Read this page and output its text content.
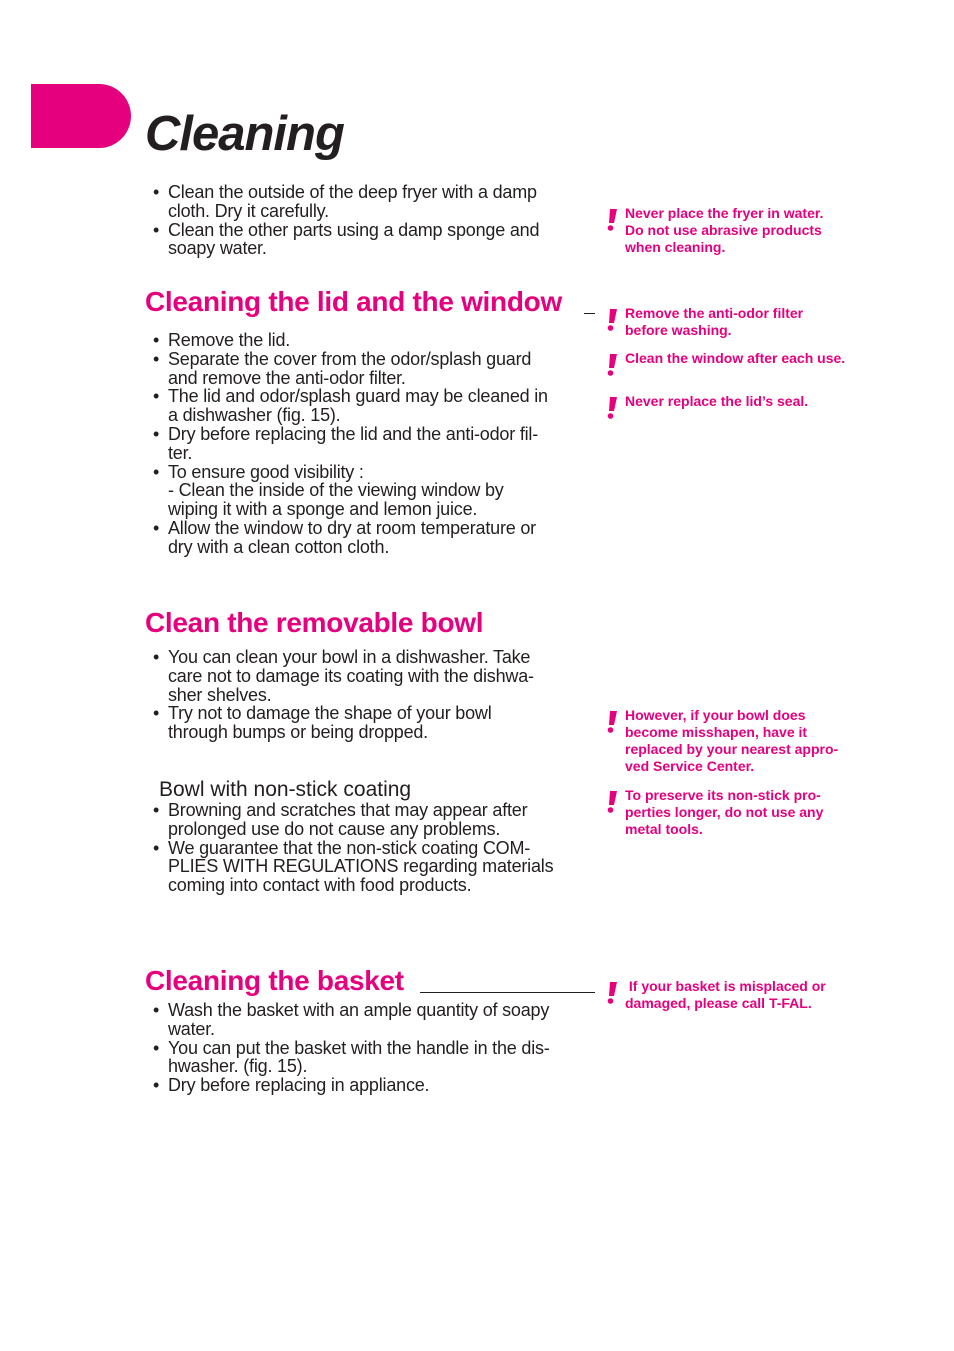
Cleaning
• Clean the outside of the deep fryer with a damp
cloth. Dry it carefully.
• Clean the other parts using a damp sponge and
soapy water.
Cleaning the lid and the window
• Remove the lid.
• Separate the cover from the odor/splash guard
and remove the anti-odor filter.
• The lid and odor/splash guard may be cleaned in
a dishwasher (fig. 15).
• Dry before replacing the lid and the anti-odor fil-
ter.
• To ensure good visibility :
- Clean the inside of the viewing window by
wiping it with a sponge and lemon juice.
• Allow the window to dry at room temperature or
dry with a clean cotton cloth.
Clean the removable bowl
• You can clean your bowl in a dishwasher. Take
care not to damage its coating with the dishwa-
sher shelves.
• Try not to damage the shape of your bowl
through bumps or being dropped.

Bowl with non-stick coating

• Browning and scratches that may appear after
prolonged use do not cause any problems.
• We guarantee that the non-stick coating COM-
PLIES WITH REGULATIONS regarding materials
coming into contact with food products.
Cleaning the basket
• Wash the basket with an ample quantity of soapy
water.
• You can put the basket with the handle in the dis-
hwasher. (fig. 15).
• Dry before replacing in appliance.
Never place the fryer in water.
Do not use abrasive products
when cleaning.
Remove the anti-odor filter
before washing.
Clean the window after each use.
Never replace the lid’s seal.
However, if your bowl does
become misshapen, have it
replaced by your nearest appro-
ved Service Center.
To preserve its non-stick pro-
perties longer, do not use any
metal tools.
If your basket is misplaced or
damaged, please call T-FAL.
